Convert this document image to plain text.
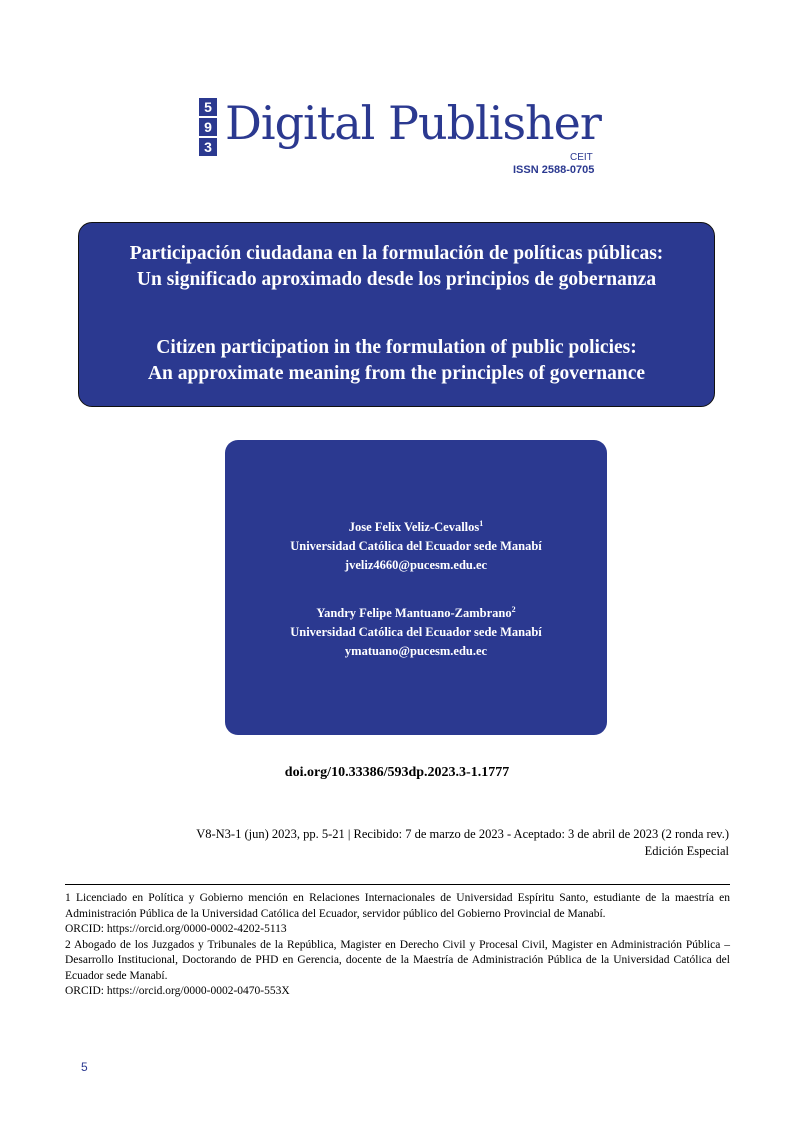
5
9
3 Digital Publisher
CEIT
ISSN 2588-0705
Participación ciudadana en la formulación de políticas públicas:
Un significado aproximado desde los principios de gobernanza
Citizen participation in the formulation of public policies:
An approximate meaning from the principles of governance
Jose Felix Veliz-Cevallos$^1$
Universidad Católica del Ecuador sede Manabí
jveliz4660@pucesm.edu.ec
Yandry Felipe Mantuano-Zambrano$^2$
Universidad Católica del Ecuador sede Manabí
ymatuano@pucesm.edu.ec
doi.org/10.33386/593dp.2023.3-1.1777
V8-N3-1 (jun) 2023, pp. 5-21 | Recibido: 7 de marzo de 2023 - Aceptado: 3 de abril de 2023 (2 ronda rev.)
Edición Especial

1 Licenciado en Política y Gobierno mención en Relaciones Internacionales de Universidad Espíritu Santo, estudiante de la maestría en Administración Pública de la Universidad Católica del Ecuador, servidor público del Gobierno Provincial de Manabí.

ORCID: https://orcid.org/0000-0002-4202-5113

2 Abogado de los Juzgados y Tribunales de la República, Magister en Derecho Civil y Procesal Civil, Magister en Administración Pública – Desarrollo Institucional, Doctorando de PHD en Gerencia, docente de la Maestría de Administración Pública de la Universidad Católica del Ecuador sede Manabí.

ORCID: https://orcid.org/0000-0002-0470-553X

5
